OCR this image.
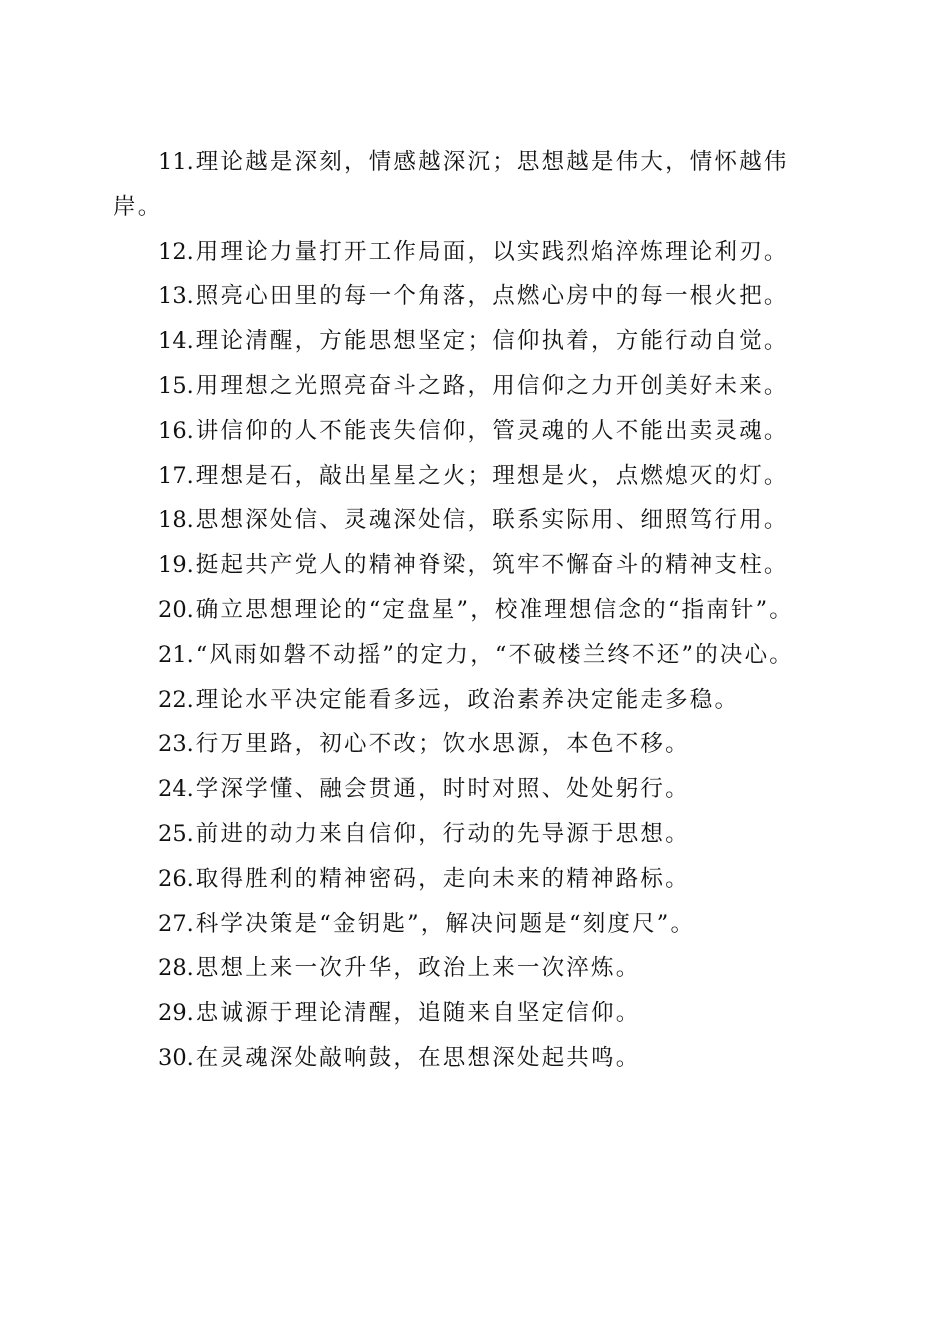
11.理论越是深刻，情感越深沉；思想越是伟大，情怀越伟岸。

12.用理论力量打开工作局面，以实践烈焰淬炼理论利刃。

13.照亮心田里的每一个角落，点燃心房中的每一根火把。

14.理论清醒，方能思想坚定；信仰执着，方能行动自觉。

15.用理想之光照亮奋斗之路，用信仰之力开创美好未来。

16.讲信仰的人不能丧失信仰，管灵魂的人不能出卖灵魂。

17.理想是石，敲出星星之火；理想是火，点燃熄灭的灯。

18.思想深处信、灵魂深处信，联系实际用、细照笃行用。

19.挺起共产党人的精神脊梁，筑牢不懈奋斗的精神支柱。

20.确立思想理论的“定盘星”，校准理想信念的“指南针”。

21.“风雨如磐不动摇”的定力，“不破楼兰终不还”的决心。

22.理论水平决定能看多远，政治素养决定能走多稳。

23.行万里路，初心不改；饮水思源，本色不移。

24.学深学懂、融会贯通，时时对照、处处躬行。

25.前进的动力来自信仰，行动的先导源于思想。

26.取得胜利的精神密码，走向未来的精神路标。

27.科学决策是“金钥匙”，解决问题是“刻度尺”。

28.思想上来一次升华，政治上来一次淬炼。

29.忠诚源于理论清醒，追随来自坚定信仰。

30.在灵魂深处敲响鼓，在思想深处起共鸣。
